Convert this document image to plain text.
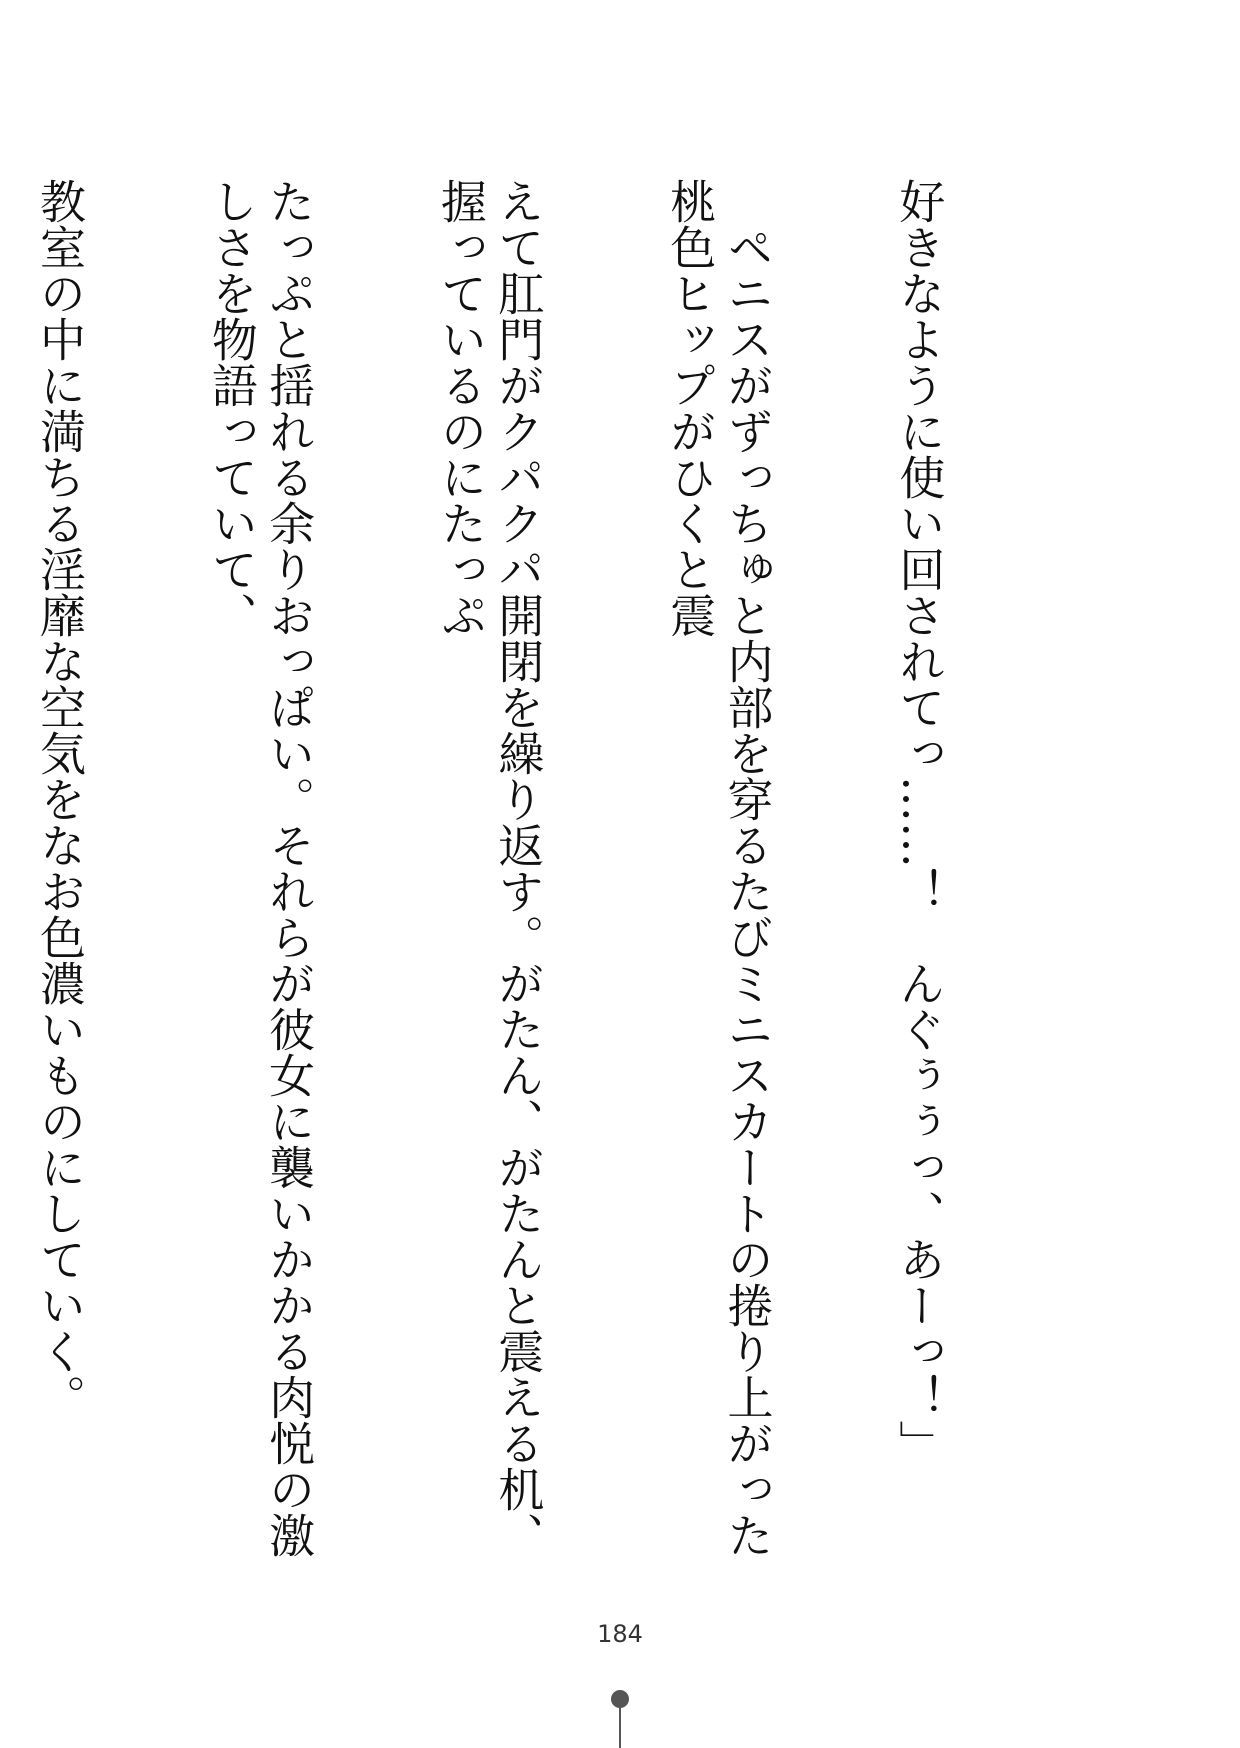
好きなように使い回されてっ……！　んぐぅぅっ、あーっ！」

　ペニスがずっちゅと内部を穿るたびミニスカートの捲り上がった桃色ヒップがひくと震

えて肛門がクパクパ開閉を繰り返す。がたん、がたんと震える机、握っているのにたっぷ

たっぷと揺れる余りおっぱい。それらが彼女に襲いかかる肉悦の激しさを物語っていて、

教室の中に満ちる淫靡な空気をなお色濃いものにしていく。

184
